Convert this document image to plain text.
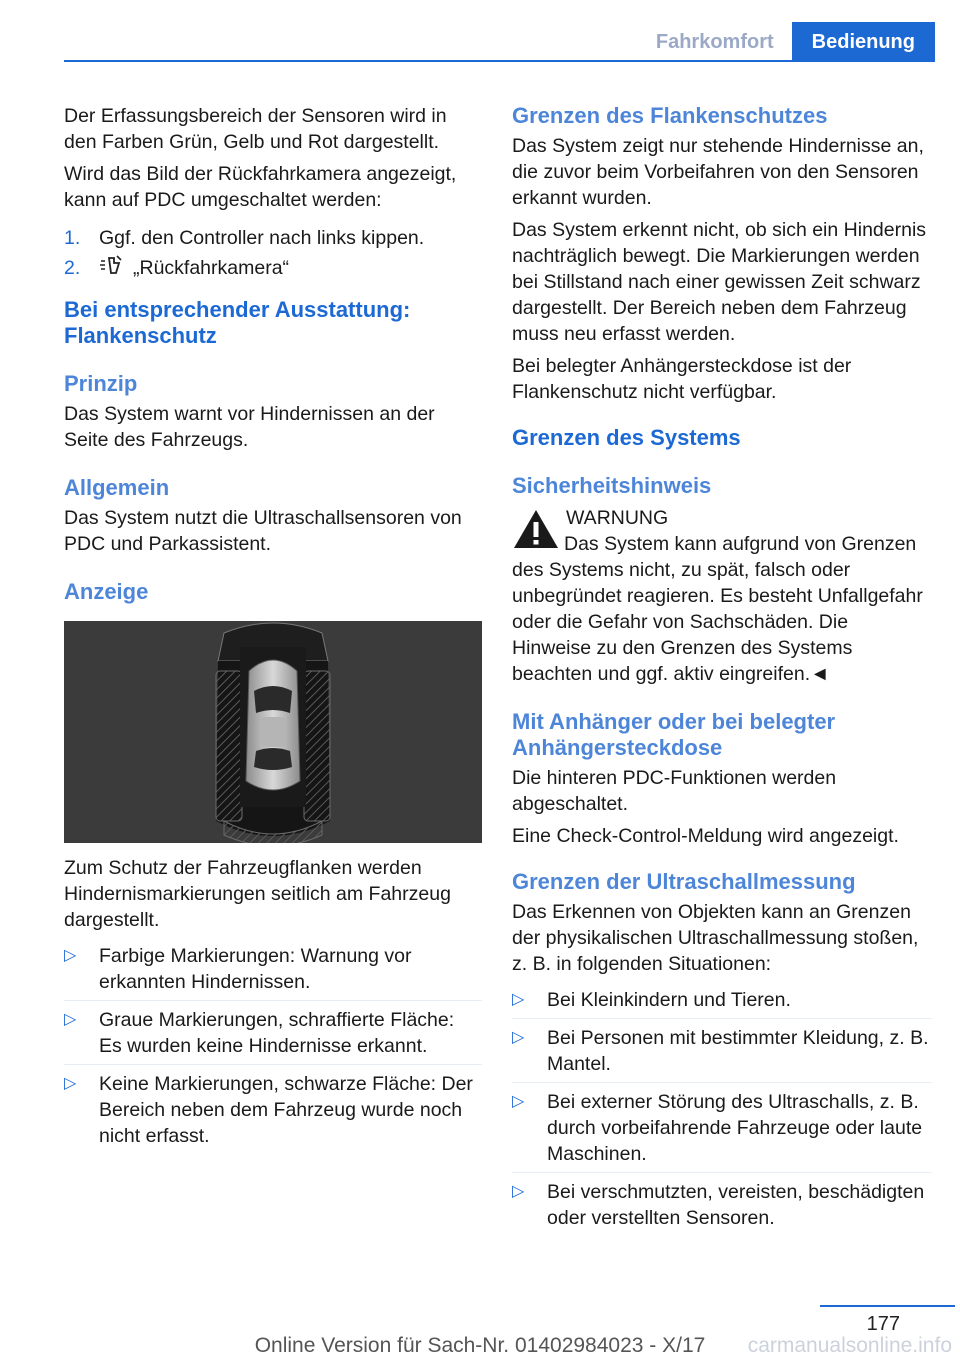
Fahrkomfort	Bedienung

Der Erfassungsbereich der Sensoren wird in den Farben Grün, Gelb und Rot dargestellt.

Wird das Bild der Rückfahrkamera angezeigt, kann auf PDC umgeschaltet werden:

1. Ggf. den Controller nach links kippen.
2.	„Rückfahrkamera“
Bei entsprechender Ausstattung: Flankenschutz
Prinzip

Das System warnt vor Hindernissen an der Seite des Fahrzeugs.

Allgemein

Das System nutzt die Ultraschallsensoren von PDC und Parkassistent.

Anzeige

Zum Schutz der Fahrzeugflanken werden Hindernismarkierungen seitlich am Fahrzeug dargestellt.

▷ Farbige Markierungen: Warnung vor erkannten Hindernissen.
▷ Graue Markierungen, schraffierte Fläche: Es wurden keine Hindernisse erkannt.
▷ Keine Markierungen, schwarze Fläche: Der Bereich neben dem Fahrzeug wurde noch nicht erfasst.
Grenzen des Flankenschutzes

Das System zeigt nur stehende Hindernisse an, die zuvor beim Vorbeifahren von den Sensoren erkannt wurden.

Das System erkennt nicht, ob sich ein Hindernis nachträglich bewegt. Die Markierungen werden bei Stillstand nach einer gewissen Zeit schwarz dargestellt. Der Bereich neben dem Fahrzeug muss neu erfasst werden.

Bei belegter Anhängersteckdose ist der Flankenschutz nicht verfügbar.

Grenzen des Systems
Sicherheitshinweis
WARNUNG
Das System kann aufgrund von Grenzen des Systems nicht, zu spät, falsch oder unbegründet reagieren. Es besteht Unfallgefahr oder die Gefahr von Sachschäden. Die Hinweise zu den Grenzen des Systems beachten und ggf. aktiv eingreifen.◄
Mit Anhänger oder bei belegter Anhängersteckdose

Die hinteren PDC-Funktionen werden abgeschaltet.

Eine Check-Control-Meldung wird angezeigt.

Grenzen der Ultraschallmessung

Das Erkennen von Objekten kann an Grenzen der physikalischen Ultraschallmessung stoßen, z. B. in folgenden Situationen:

▷ Bei Kleinkindern und Tieren.
▷ Bei Personen mit bestimmter Kleidung, z. B. Mantel.
▷ Bei externer Störung des Ultraschalls, z. B. durch vorbeifahrende Fahrzeuge oder laute Maschinen.
▷ Bei verschmutzten, vereisten, beschädigten oder verstellten Sensoren.
177
Online Version für Sach-Nr. 01402984023 - X/17	carmanualsonline.info
